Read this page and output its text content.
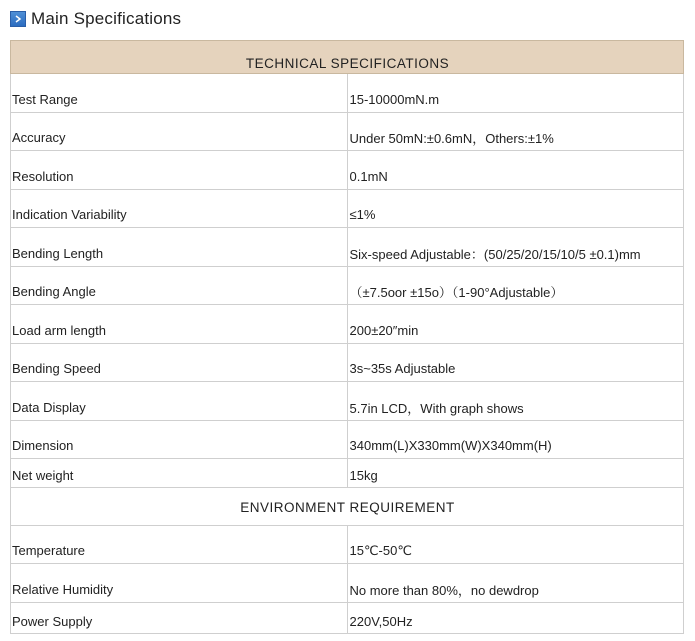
Main Specifications
TECHNICAL SPECIFICATIONS	
Test Range	15-10000mN.m
Accuracy	Under 50mN:±0.6mN，Others:±1%
Resolution	0.1mN
Indication Variability	≤1%
Bending Length	Six-speed Adjustable：(50/25/20/15/10/5 ±0.1)mm
Bending Angle	（±7.5oor ±15o）（1-90°Adjustable）
Load arm length	200±20″min
Bending Speed	3s~35s Adjustable
Data Display	5.7in LCD，With graph shows
Dimension	340mm(L)X330mm(W)X340mm(H)
Net weight	15kg
ENVIRONMENT REQUIREMENT	
Temperature	15℃-50℃
Relative Humidity	No more than 80%，no dewdrop
Power Supply	220V,50Hz
